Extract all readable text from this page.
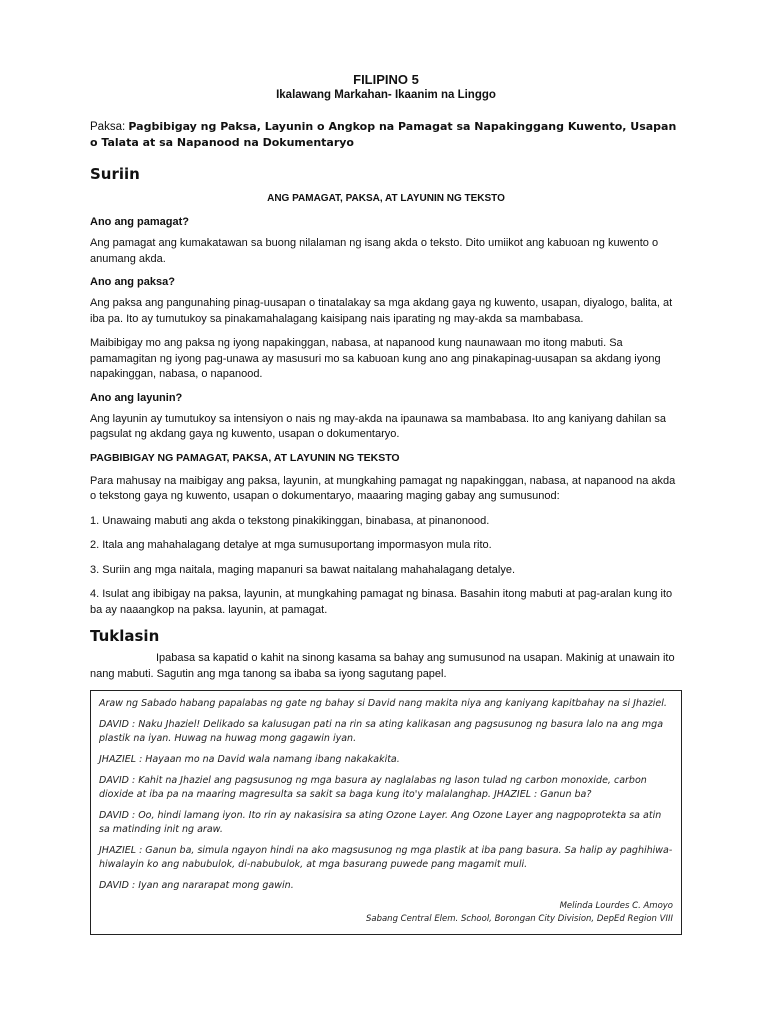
FILIPINO 5
Ikalawang Markahan- Ikaanim na Linggo
Paksa: Pagbibigay ng Paksa, Layunin o Angkop na Pamagat sa Napakinggang Kuwento, Usapan o Talata at sa Napanood na Dokumentaryo
Suriin
ANG PAMAGAT, PAKSA, AT LAYUNIN NG TEKSTO
Ano ang pamagat?
Ang pamagat ang kumakatawan sa buong nilalaman ng isang akda o teksto. Dito umiikot ang kabuoan ng kuwento o anumang akda.
Ano ang paksa?
Ang paksa ang pangunahing pinag-uusapan o tinatalakay sa mga akdang gaya ng kuwento, usapan, diyalogo, balita, at iba pa. Ito ay tumutukoy sa pinakamahalagang kaisipang nais iparating ng may-akda sa mambabasa.
Maibibigay mo ang paksa ng iyong napakinggan, nabasa, at napanood kung naunawaan mo itong mabuti. Sa pamamagitan ng iyong pag-unawa ay masusuri mo sa kabuoan kung ano ang pinakapinag-uusapan sa akdang iyong napakinggan, nabasa, o napanood.
Ano ang layunin?
Ang layunin ay tumutukoy sa intensiyon o nais ng may-akda na ipaunawa sa mambabasa. Ito ang kaniyang dahilan sa pagsulat ng akdang gaya ng kuwento, usapan o dokumentaryo.
PAGBIBIGAY NG PAMAGAT, PAKSA, AT LAYUNIN NG TEKSTO
Para mahusay na maibigay ang paksa, layunin, at mungkahing pamagat ng napakinggan, nabasa, at napanood na akda o tekstong gaya ng kuwento, usapan o dokumentaryo, maaaring maging gabay ang sumusunod:
1. Unawaing mabuti ang akda o tekstong pinakikinggan, binabasa, at pinanonood.
2. Itala ang mahahalagang detalye at mga sumusuportang impormasyon mula rito.
3. Suriin ang mga naitala, maging mapanuri sa bawat naitalang mahahalagang detalye.
4. Isulat ang ibibigay na paksa, layunin, at mungkahing pamagat ng binasa. Basahin itong mabuti at pag-aralan kung ito ba ay naaangkop na paksa. layunin, at pamagat.
Tuklasin
Ipabasa sa kapatid o kahit na sinong kasama sa bahay ang sumusunod na usapan. Makinig at unawain ito nang mabuti. Sagutin ang mga tanong sa ibaba sa iyong sagutang papel.
Araw ng Sabado habang papalabas ng gate ng bahay si David nang makita niya ang kaniyang kapitbahay na si Jhaziel.
DAVID : Naku Jhaziel! Delikado sa kalusugan pati na rin sa ating kalikasan ang pagsusunog ng basura lalo na ang mga plastik na iyan. Huwag na huwag mong gagawin iyan.
JHAZIEL : Hayaan mo na David wala namang ibang nakakakita.
DAVID : Kahit na Jhaziel ang pagsusunog ng mga basura ay naglalabas ng lason tulad ng carbon monoxide, carbon dioxide at iba pa na maaring magresulta sa sakit sa baga kung ito'y malalanghap. JHAZIEL : Ganun ba?
DAVID : Oo, hindi lamang iyon. Ito rin ay nakasisira sa ating Ozone Layer. Ang Ozone Layer ang nagpoprotekta sa atin sa matinding init ng araw.
JHAZIEL : Ganun ba, simula ngayon hindi na ako magsusunog ng mga plastik at iba pang basura. Sa halip ay paghihiwa-hiwalayin ko ang nabubulok, di-nabubulok, at mga basurang puwede pang magamit muli.
DAVID : Iyan ang nararapat mong gawin.
Melinda Lourdes C. Amoyo
Sabang Central Elem. School, Borongan City Division, DepEd Region VIII
